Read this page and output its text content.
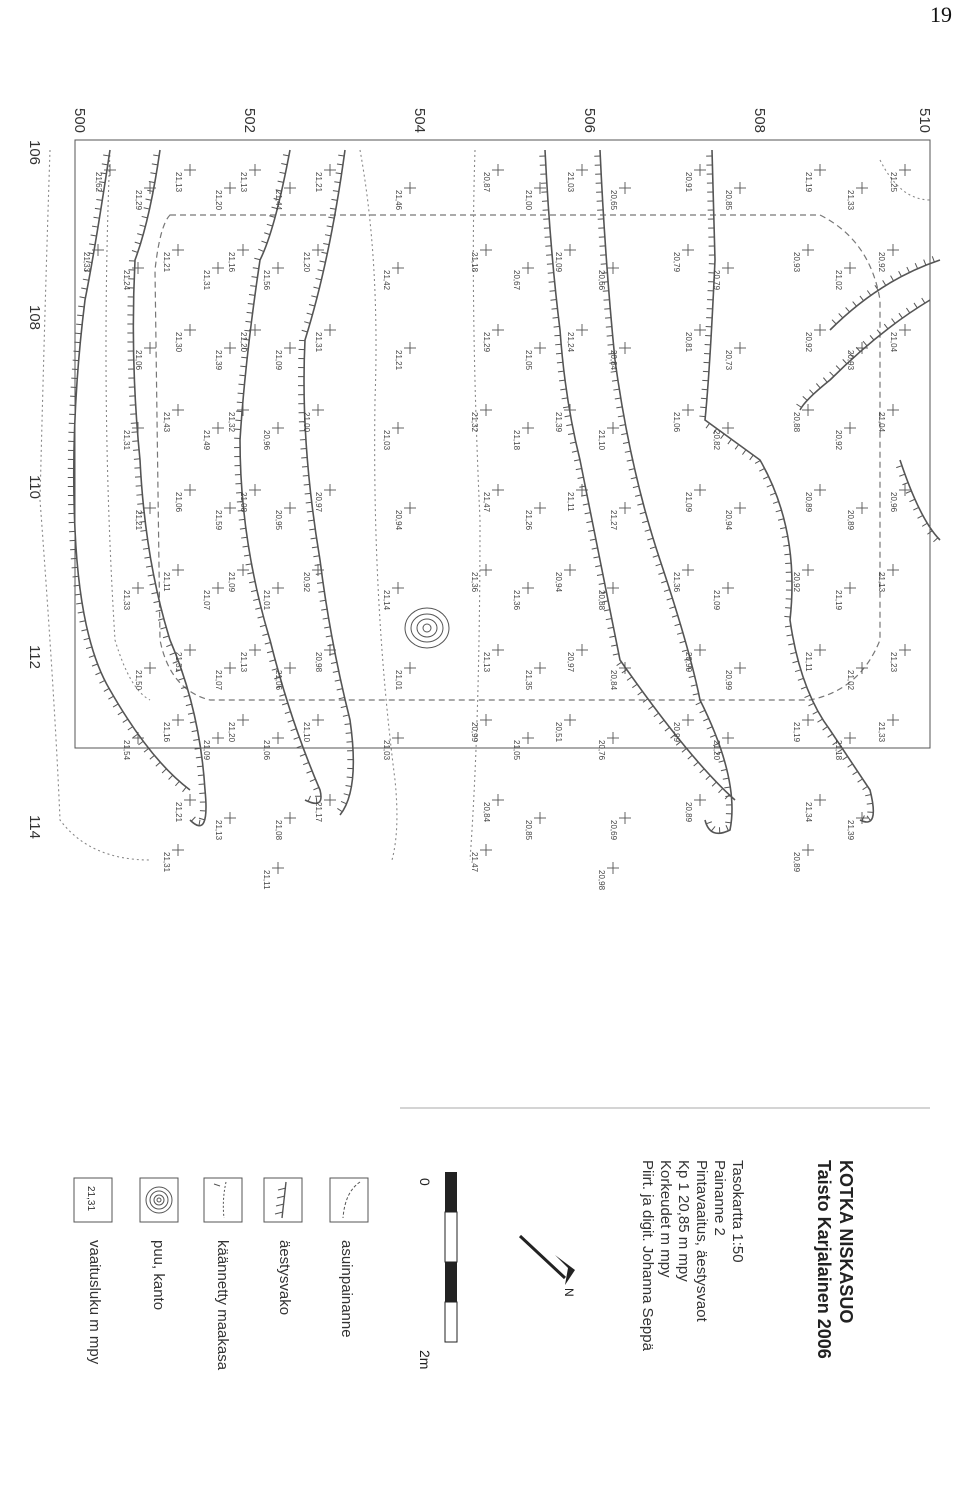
19
510
508
506
504
502
500
106
108
110
112
114
21,25
20,92
21,04
21,04
20,96
21,13
21,23
21,33
21,33
21,02
20,93
20,92
20,89
21,19
21,02
21,18
21,39
21,19
20,93
20,92
20,88
20,89
20,92
21,11
21,19
21,34
20,89
20,85
20,79
20,73
20,82
20,94
21,09
20,99
21,20
20,91
20,79
20,81
21,06
21,09
21,36
20,99
20,99
20,89
20,65
20,66
20,84
21,10
21,27
20,88
20,84
20,76
20,69
20,98
21,03
21,09
21,24
21,39
21,11
20,94
20,97
20,51
21,00
20,67
21,05
21,18
21,26
21,36
21,35
21,05
20,85
20,87
21,18
21,29
21,32
21,47
21,36
21,13
20,99
20,84
21,47
21,46
21,42
21,21
21,03
20,94
21,14
21,01
21,03
21,21
21,20
21,31
21,00
20,97
20,92
20,98
21,10
21,17
21,44
21,56
21,09
20,96
20,95
21,01
21,06
21,06
21,08
21,11
21,13
21,16
21,20
21,32
21,08
21,09
21,13
21,20
21,20
21,31
21,39
21,49
21,59
21,07
21,07
21,09
21,13
21,13
21,21
21,30
21,43
21,06
21,11
21,31
21,16
21,21
21,31
21,29
21,24
21,06
21,31
21,21
21,33
21,50
21,54
21,62
21,33
KOTKA NISKASUO
Taisto Karjalainen 2006
Tasokartta 1:50
Painanne 2
Pintavaaitus, äestysvaot
Kp 1 20,85 m mpy
Korkeudet m mpy
Piirt. ja digit. Johanna Seppä
N
0
2m
asuinpainanne
äestysvako
käännetty maakasa
puu, kanto
21,31
vaaitusluku m mpy
